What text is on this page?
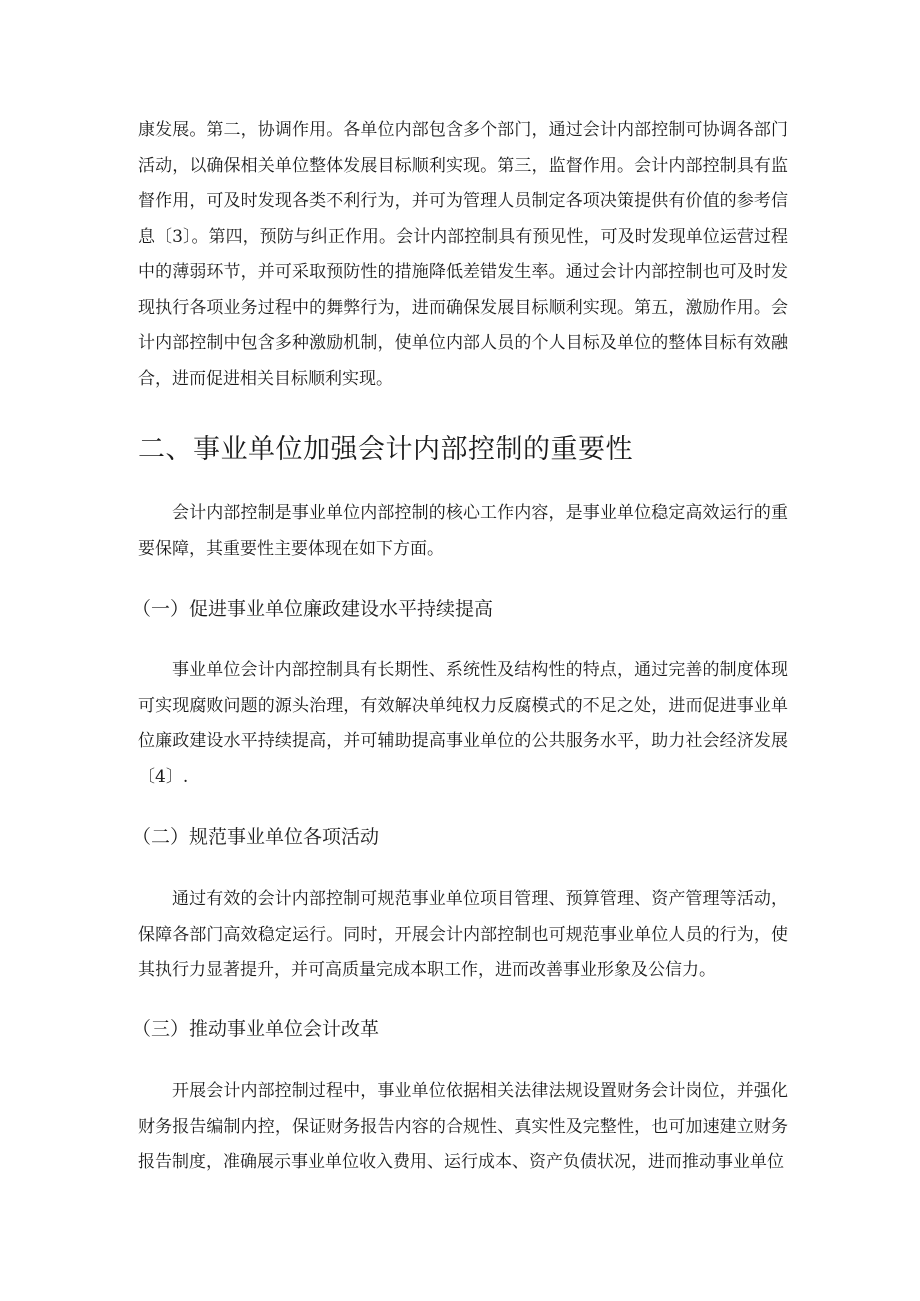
康发展。第二，协调作用。各单位内部包含多个部门，通过会计内部控制可协调各部门活动，以确保相关单位整体发展目标顺利实现。第三，监督作用。会计内部控制具有监督作用，可及时发现各类不利行为，并可为管理人员制定各项决策提供有价值的参考信息〔3〕。第四，预防与纠正作用。会计内部控制具有预见性，可及时发现单位运营过程中的薄弱环节，并可采取预防性的措施降低差错发生率。通过会计内部控制也可及时发现执行各项业务过程中的舞弊行为，进而确保发展目标顺利实现。第五，激励作用。会计内部控制中包含多种激励机制，使单位内部人员的个人目标及单位的整体目标有效融合，进而促进相关目标顺利实现。

二、事业单位加强会计内部控制的重要性

会计内部控制是事业单位内部控制的核心工作内容，是事业单位稳定高效运行的重要保障，其重要性主要体现在如下方面。

（一）促进事业单位廉政建设水平持续提高

事业单位会计内部控制具有长期性、系统性及结构性的特点，通过完善的制度体现可实现腐败问题的源头治理，有效解决单纯权力反腐模式的不足之处，进而促进事业单位廉政建设水平持续提高，并可辅助提高事业单位的公共服务水平，助力社会经济发展〔4〕.

（二）规范事业单位各项活动

通过有效的会计内部控制可规范事业单位项目管理、预算管理、资产管理等活动，保障各部门高效稳定运行。同时，开展会计内部控制也可规范事业单位人员的行为，使其执行力显著提升，并可高质量完成本职工作，进而改善事业形象及公信力。

（三）推动事业单位会计改革

开展会计内部控制过程中，事业单位依据相关法律法规设置财务会计岗位，并强化财务报告编制内控，保证财务报告内容的合规性、真实性及完整性，也可加速建立财务报告制度，准确展示事业单位收入费用、运行成本、资产负债状况，进而推动事业单位
